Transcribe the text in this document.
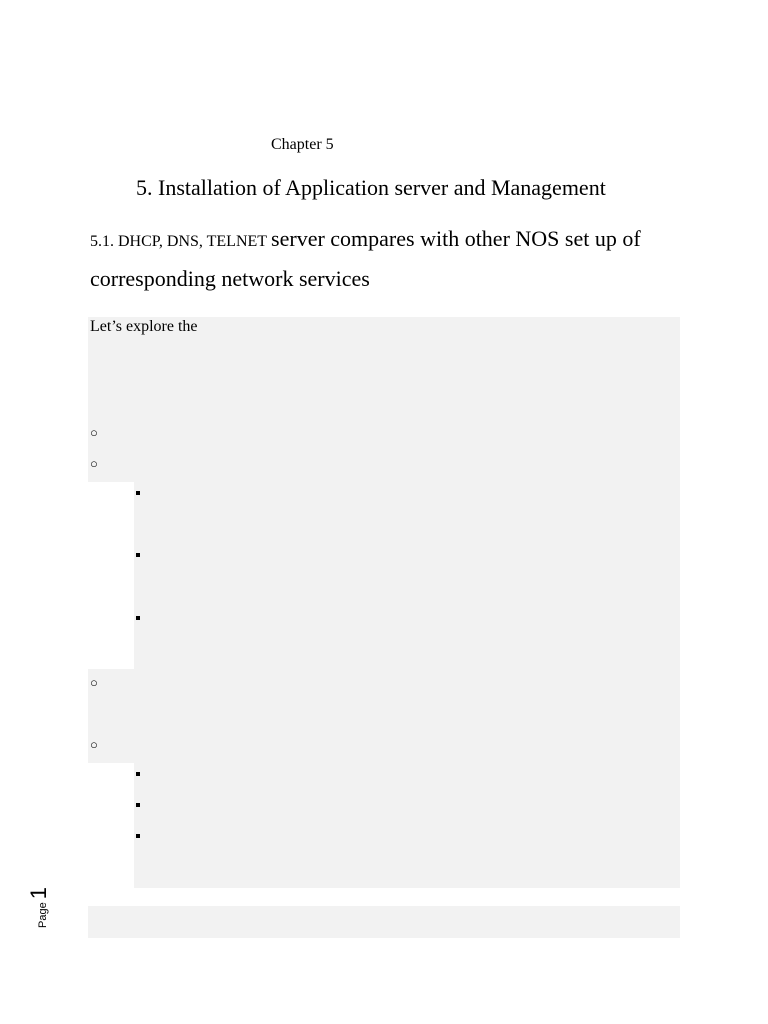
Chapter 5
5. Installation of Application server and Management
5.1. DHCP, DNS, TELNET server compares with other NOS set up of
corresponding network services
Let’s explore the
○
○
○
○
Page1
